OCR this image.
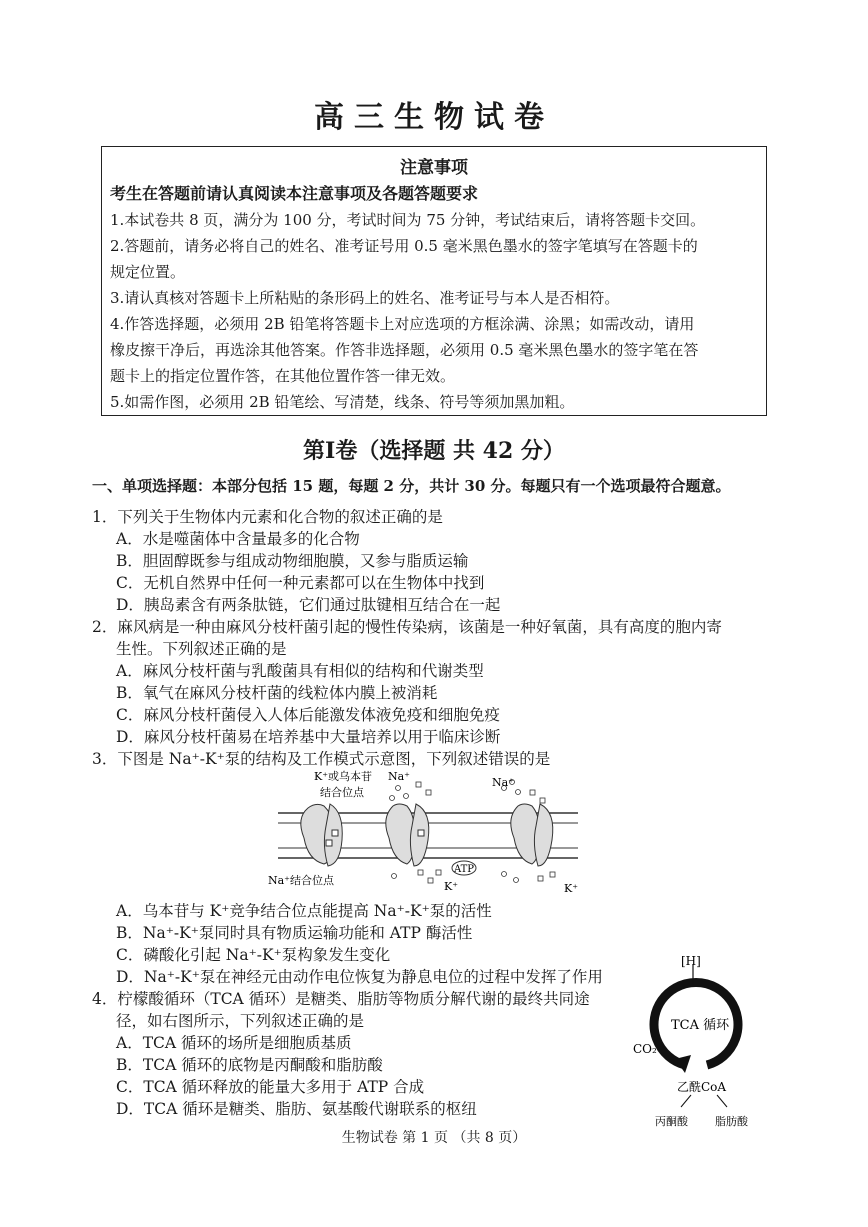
高三生物试卷
注意事项
考生在答题前请认真阅读本注意事项及各题答题要求
1.本试卷共 8 页，满分为 100 分，考试时间为 75 分钟，考试结束后，请将答题卡交回。
2.答题前，请务必将自己的姓名、准考证号用 0.5 毫米黑色墨水的签字笔填写在答题卡的
规定位置。
3.请认真核对答题卡上所粘贴的条形码上的姓名、准考证号与本人是否相符。
4.作答选择题，必须用 2B 铅笔将答题卡上对应选项的方框涂满、涂黑；如需改动，请用
橡皮擦干净后，再选涂其他答案。作答非选择题，必须用 0.5 毫米黑色墨水的签字笔在答
题卡上的指定位置作答，在其他位置作答一律无效。
5.如需作图，必须用 2B 铅笔绘、写清楚，线条、符号等须加黑加粗。
第Ⅰ卷（选择题 共 42 分）
一、单项选择题：本部分包括 15 题，每题 2 分，共计 30 分。每题只有一个选项最符合题意。
1．下列关于生物体内元素和化合物的叙述正确的是
A．水是噬菌体中含量最多的化合物
B．胆固醇既参与组成动物细胞膜，又参与脂质运输
C．无机自然界中任何一种元素都可以在生物体中找到
D．胰岛素含有两条肽链，它们通过肽键相互结合在一起
2．麻风病是一种由麻风分枝杆菌引起的慢性传染病，该菌是一种好氧菌，具有高度的胞内寄
生性。下列叙述正确的是
A．麻风分枝杆菌与乳酸菌具有相似的结构和代谢类型
B．氧气在麻风分枝杆菌的线粒体内膜上被消耗
C．麻风分枝杆菌侵入人体后能激发体液免疫和细胞免疫
D．麻风分枝杆菌易在培养基中大量培养以用于临床诊断
3．下图是 Na⁺-K⁺泵的结构及工作模式示意图，下列叙述错误的是
ATP
K⁺或乌本苷
结合位点
Na⁺	Na⁺
Na⁺结合位点	K⁺	K⁺
A．乌本苷与 K⁺竞争结合位点能提高 Na⁺-K⁺泵的活性
B．Na⁺-K⁺泵同时具有物质运输功能和 ATP 酶活性
C．磷酸化引起 Na⁺-K⁺泵构象发生变化
D．Na⁺-K⁺泵在神经元由动作电位恢复为静息电位的过程中发挥了作用
4．柠檬酸循环（TCA 循环）是糖类、脂肪等物质分解代谢的最终共同途
径，如右图所示，下列叙述正确的是
A．TCA 循环的场所是细胞质基质
B．TCA 循环的底物是丙酮酸和脂肪酸
C．TCA 循环释放的能量大多用于 ATP 合成
D．TCA 循环是糖类、脂肪、氨基酸代谢联系的枢纽
[H]
TCA 循环
CO₂
乙酰CoA
丙酮酸 脂肪酸
生物试卷 第 1 页 （共 8 页）
